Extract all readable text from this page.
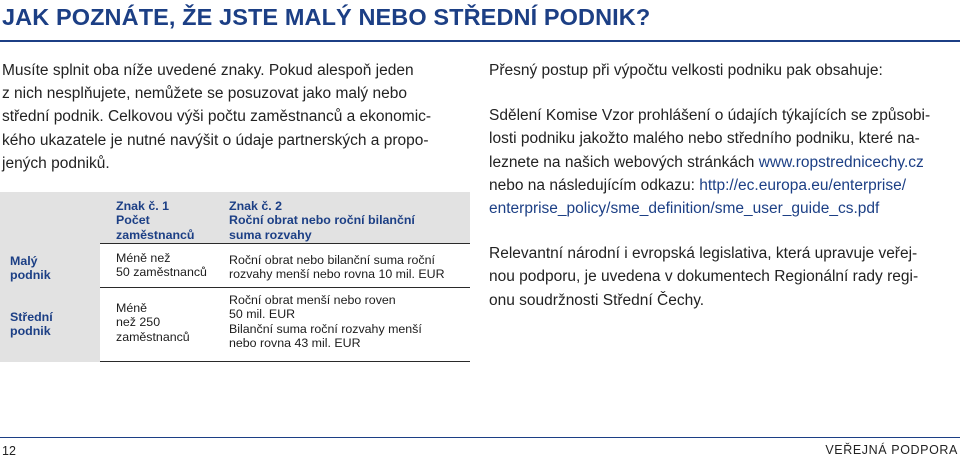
JAK POZNÁTE, ŽE JSTE MALÝ NEBO STŘEDNÍ PODNIK?

Musíte splnit oba níže uvedené znaky. Pokud alespoň jeden
z nich nesplňujete, nemůžete se posuzovat jako malý nebo
střední podnik. Celkovou výši počtu zaměstnanců a ekonomic-
kého ukazatele je nutné navýšit o údaje partnerských a propo-
jených podniků.

Znak č. 1
Počet
zaměstnanců
Znak č. 2
Roční obrat nebo roční bilanční
suma rozvahy
Malý
podnik
Méně než
50 zaměstnanců
Roční obrat nebo bilanční suma roční
rozvahy menší nebo rovna 10 mil. EUR
Střední
podnik
Méně
než 250
zaměstnanců
Roční obrat menší nebo roven
50 mil. EUR
Bilanční suma roční rozvahy menší
nebo rovna 43 mil. EUR
Přesný postup při výpočtu velkosti podniku pak obsahuje:
Sdělení Komise Vzor prohlášení o údajích týkajících se způsobi-
losti podniku jakožto malého nebo středního podniku, které na-
leznete na našich webových stránkách www.ropstrednicechy.cz
nebo na následujícím odkazu: http://ec.europa.eu/enterprise/
enterprise_policy/sme_definition/sme_user_guide_cs.pdf
Relevantní národní i evropská legislativa, která upravuje veřej-
nou podporu, je uvedena v dokumentech Regionální rady regi-
onu soudržnosti Střední Čechy.
12	VEŘEJNÁ PODPORA
